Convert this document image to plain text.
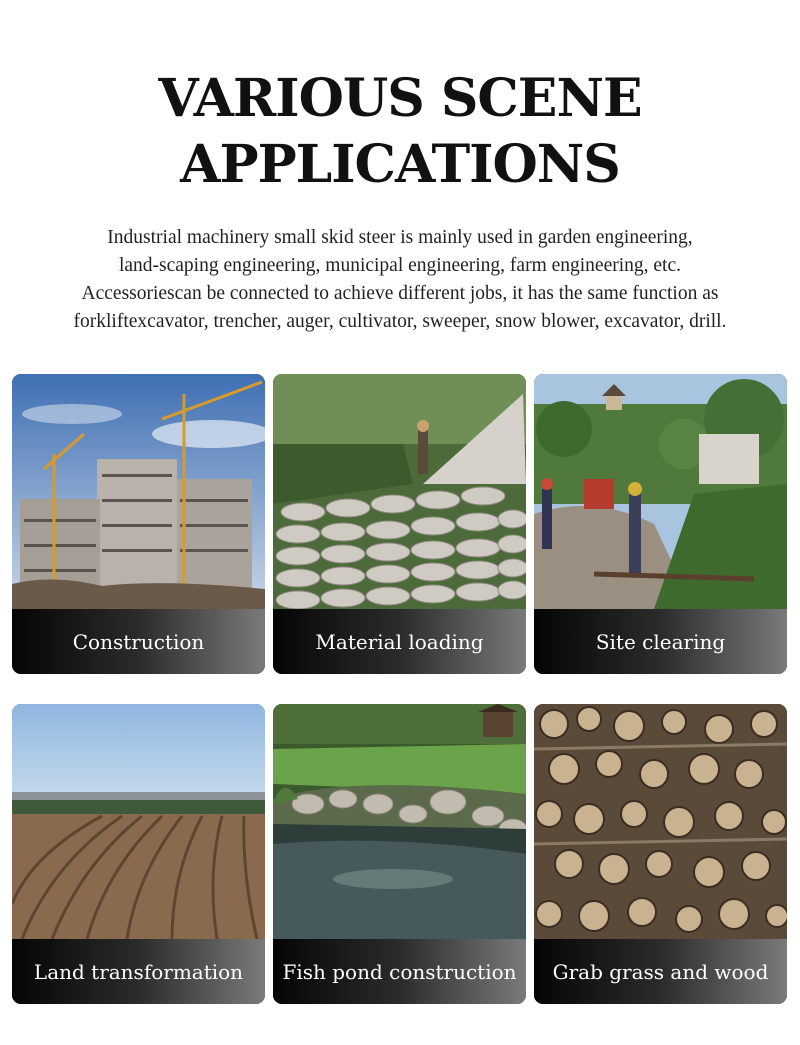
VARIOUS SCENE
APPLICATIONS

Industrial machinery small skid steer is mainly used in garden engineering,
land-scaping engineering, municipal engineering, farm engineering, etc.
Accessoriescan be connected to achieve different jobs, it has the same function as
forkliftexcavator, trencher, auger, cultivator, sweeper, snow blower, excavator, drill.

Construction	Material loading	Site clearing
Land transformation	Fish pond construction	Grab grass and wood
